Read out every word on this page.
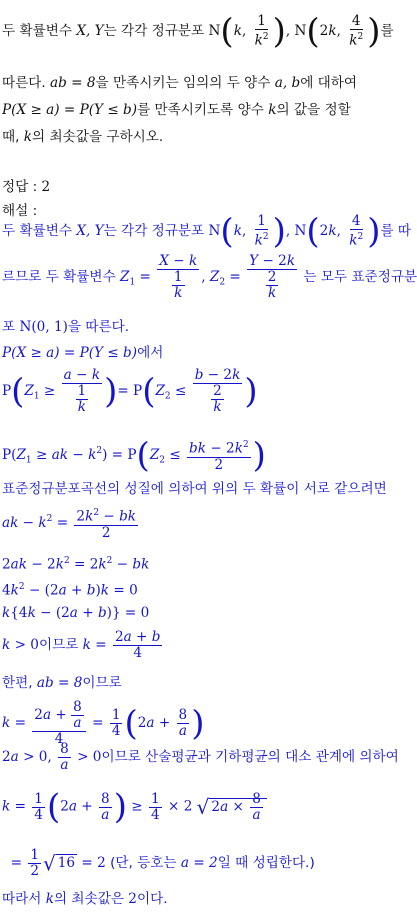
두 확률변수 X, Y는 각각 정규분포 N(k, $\frac{1}{k^2}$ ), N(2k, $\frac{4}{k^2}$ )를
따른다. ab = 8을 만족시키는 임의의 두 양수 a, b에 대하여
P(X ≥ a) = P(Y ≤ b)를 만족시키도록 양수 k의 값을 정할
때, k의 최솟값을 구하시오.
정답 : 2
해설 :
두 확률변수 X, Y는 각각 정규분포 N(k, $\frac{1}{k^2}$ ), N(2k, $\frac{4}{k^2}$ )를 따
르므로 두 확률변수 $Z_1 = \frac{X - k}{\frac{1}{k}}$ , $Z_2 = \frac{Y - 2k}{\frac{2}{k}}$ 는 모두 표준정규분
포 N(0, 1)을 따른다.
P(X ≥ a) = P(Y ≤ b)에서
$P(Z_1 \ge \frac{a - k}{\frac{1}{k}}$ )= $P(Z_2 \le \frac{b - 2k}{\frac{2}{k}}$ )
$P(Z_1$ ≥ ak − $k^2) = P(Z_2 \le \frac{bk - 2k^2}{2}$ )
표준정규분포곡선의 성질에 의하여 위의 두 확률이 서로 같으려면
ak − $k^2 = \frac{2k^2 - bk}{2}$
$2ak - 2k^2 = 2k^2$ − bk
$4k^2 - (2a + b)k = 0$
k{4k − (2a + b)} = 0
k > 0이므로 $k = \frac{2a + b}{4}$
한편, ab = 8이므로
$k = \frac{2a + \frac{8}{a}}{4} = \frac{1}{4} (2a + \frac{8}{a}$ )
2a > 0, $\frac{8}{a} > 0$이므로 산술평균과 기하평균의 대소 관계에 의하여
$k = \frac{1}{4} (2a + \frac{8}{a}$ ) ≥ $\frac{1}{4} \times 2$ √ $2a \times \frac{8}{a}$
= $\frac{1}{2}$ √ 16 = 2 (단, 등호는 a = 2일 때 성립한다.)
따라서 k의 최솟값은 2이다.
